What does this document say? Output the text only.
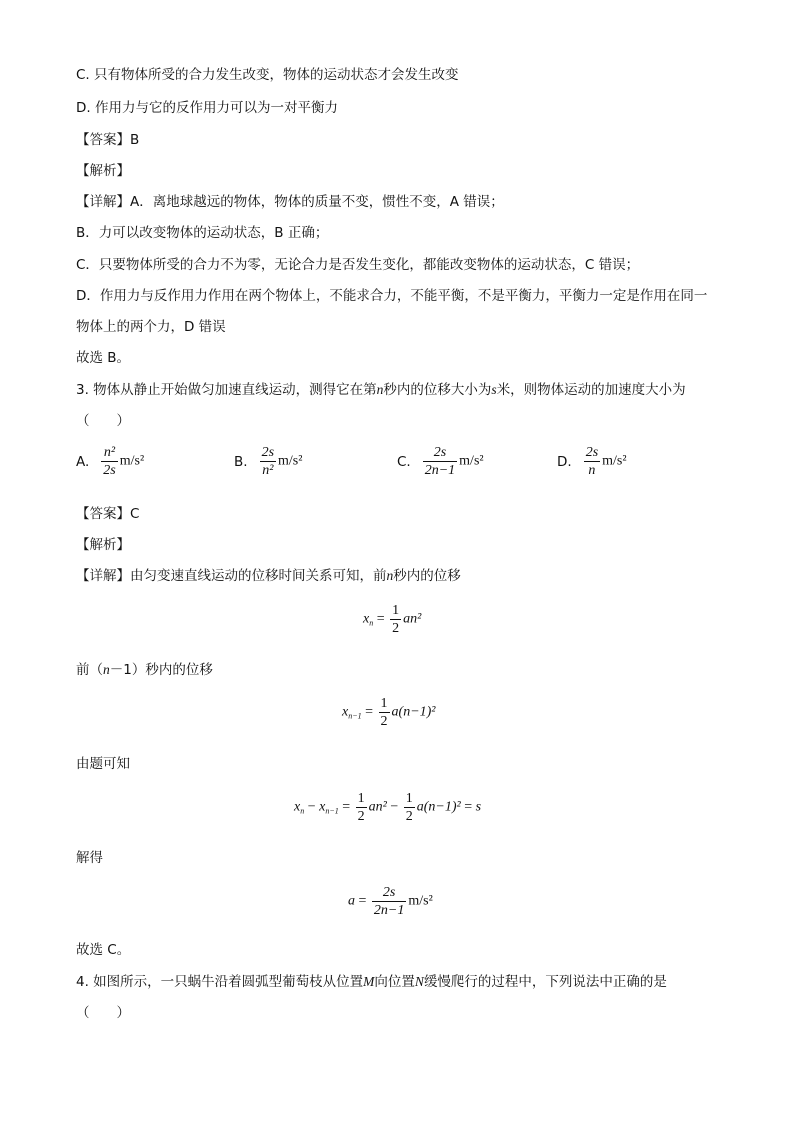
C. 只有物体所受的合力发生改变，物体的运动状态才会发生改变
D. 作用力与它的反作用力可以为一对平衡力
【答案】B
【解析】
【详解】A．离地球越远的物体，物体的质量不变，惯性不变，A 错误；
B．力可以改变物体的运动状态，B 正确；
C．只要物体所受的合力不为零，无论合力是否发生变化，都能改变物体的运动状态，C 错误；
D．作用力与反作用力作用在两个物体上，不能求合力，不能平衡，不是平衡力，平衡力一定是作用在同一
物体上的两个力，D 错误
故选 B。
3. 物体从静止开始做匀加速直线运动，测得它在第n秒内的位移大小为s米，则物体运动的加速度大小为
（　　）
A. $\frac{\text{n²}}{2s} m/s^2$	B. $\frac{2s}{\text{n²}} m/s^2$	C. $\frac{2s}{2n-1} m/s^2$	D. $\frac{2s}{n} m/s^2$
【答案】C
【解析】
【详解】由匀变速直线运动的位移时间关系可知，前n秒内的位移
$x_n = \frac{1}{2} an^2$
前（n－1）秒内的位移
$x_{n-1} = \frac{1}{2} a(n-1)^2$
由题可知
$x_n - x_{n-1} = \frac{1}{2} an^2 - \frac{1}{2} a(n-1)^2 = s$
解得
$a = \frac{2s}{2n-1} m/s^2$
故选 C。
4. 如图所示，一只蜗牛沿着圆弧型葡萄枝从位置M向位置N缓慢爬行的过程中，下列说法中正确的是
（　　）
